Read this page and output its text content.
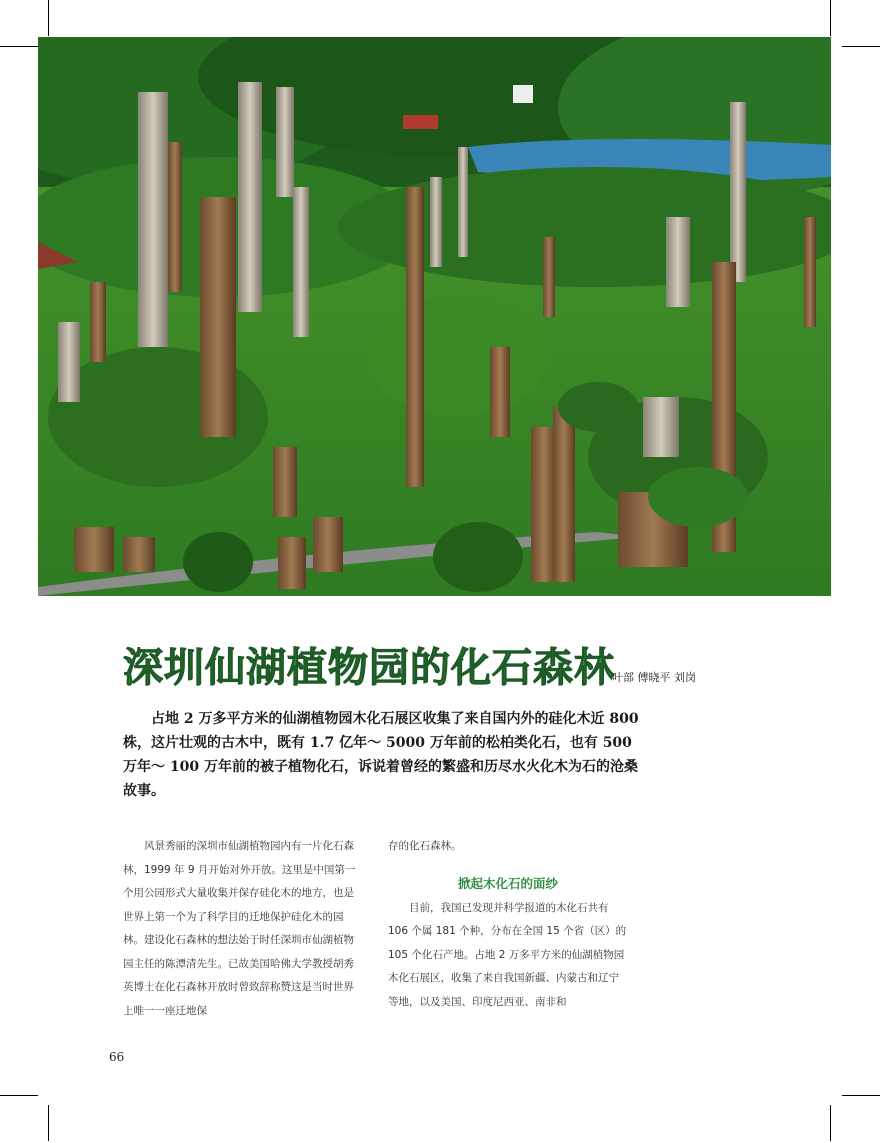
深圳仙湖植物园的化石森林
叶部 傅晓平 刘岗

占地 2 万多平方米的仙湖植物园木化石展区收集了来自国内外的硅化木近 800 株，这片壮观的古木中，既有 1.7 亿年～ 5000 万年前的松柏类化石，也有 500 万年～ 100 万年前的被子植物化石，诉说着曾经的繁盛和历尽水火化木为石的沧桑故事。

风景秀丽的深圳市仙湖植物园内有一片化石森林，1999 年 9 月开始对外开放。这里是中国第一个用公园形式大量收集并保存硅化木的地方，也是世界上第一个为了科学目的迁地保护硅化木的园林。建设化石森林的想法始于时任深圳市仙湖植物园主任的陈潭清先生。已故美国哈佛大学教授胡秀英博士在化石森林开放时曾致辞称赞这是当时世界上唯一一座迁地保

存的化石森林。

掀起木化石的面纱

目前，我国已发现并科学报道的木化石共有 106 个属 181 个种，分布在全国 15 个省（区）的 105 个化石产地。占地 2 万多平方米的仙湖植物园木化石展区，收集了来自我国新疆、内蒙古和辽宁等地，以及美国、印度尼西亚、南非和

66
